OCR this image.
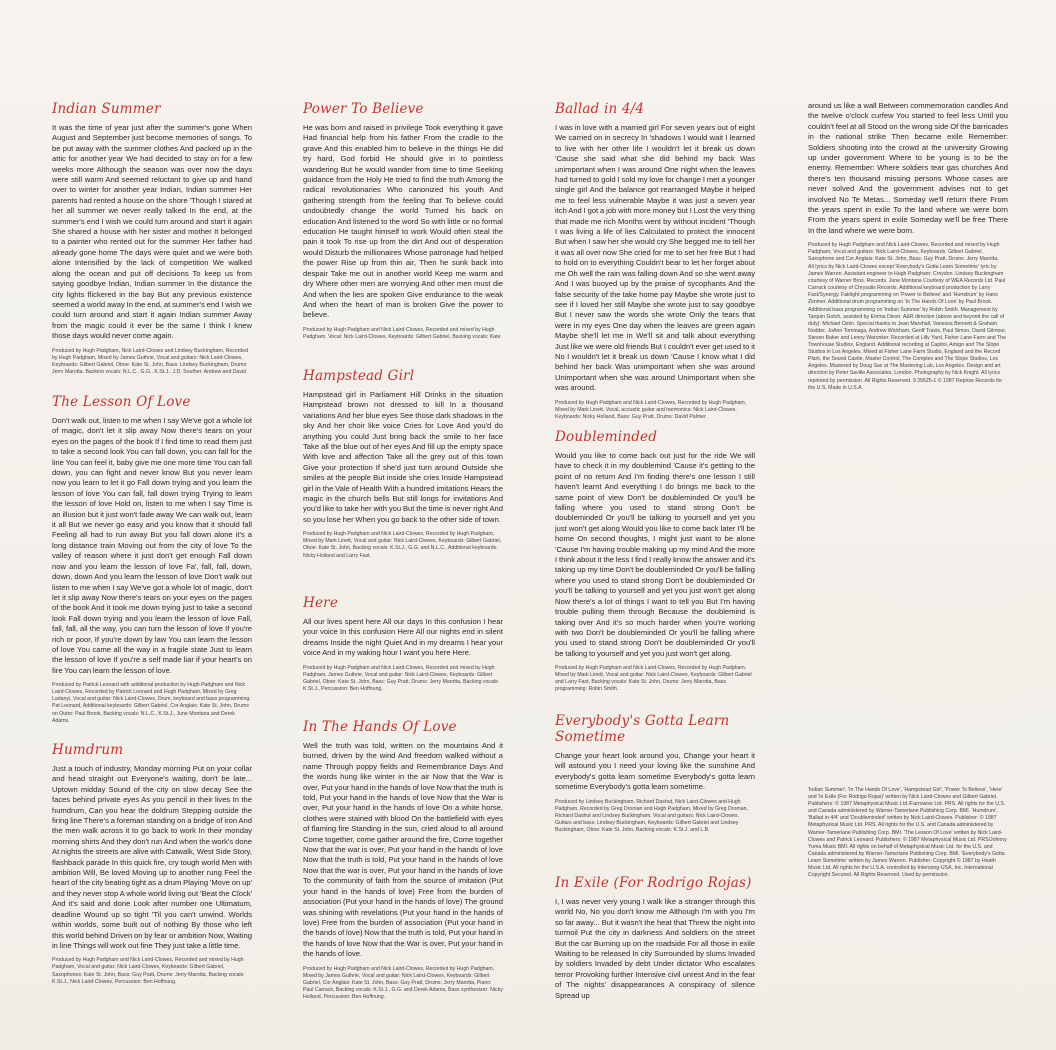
Indian Summer
It was the time of year just after the summer's gone When August and September just become memories of songs. To be put away with the summer clothes And packed up in the attic for another year We had decided to stay on for a few weeks more Although the season was over now the days were still warm And seemed reluctant to give up and hand over to winter for another year Indian, Indian summer Her parents had rented a house on the shore 'Though I stared at her all summer we never really talked In the end, at the summer's end I wish we could turn around and start it again She shared a house with her sister and mother It belonged to a painter who rented out for the summer Her father had already gone home The days were quiet and we were both alone Intensified by the lack of competition We walked along the ocean and put off decisions To keep us from saying goodbye Indian, Indian summer In the distance the city lights flickered in the bay But any previous existence seemed a world away In the end, at summer's end I wish we could turn around and start it again Indian summer Away from the magic could it ever be the same I think I knew those days would never come again.
Produced by Hugh Padgham, Nick Laird-Clowes and Lindsey Buckingham, Recorded by Hugh Padgham, Mixed by James Guthrie, Vocal and guitars: Nick Laird-Clowes, Keyboards: Gilbert Gabriel, Oboe: Kate St. John, Bass: Lindsey Buckingham, Drums: Jerry Marotta, Backing vocals: N.L.C., G.G., K.St.J., J.D. Souther, Andrew and David
The Lesson Of Love
Don't walk out, listen to me when I say We've got a whole lot of magic, don't let it slip away Now there's tears on your eyes on the pages of the book If I find time to read them just to take a second look You can fall down, you can fall for the line You can feel it, baby give me one more time You can fall down, you can fight and never know But you never learn now you learn to let it go Fall down trying and you learn the lesson of love You can fall, fall down trying Trying to learn the lesson of love Hold on, listen to me when I say Time is an illusion but it just won't fade away We can walk out, learn it all But we never go easy and you know that it should fall Feeling all had to run away But you fall down alone it's a long distance train Moving out from the city of love To the valley of reason where it just don't get enough Fall down now and you learn the lesson of love Fa', fall, fall, down, down, down And you learn the lesson of love Don't walk out listen to me when I say We've got a whole lot of magic, don't let it slip away Now there's tears on your eyes on the pages of the book And it took me down trying just to take a second look Fall down trying and you learn the lesson of love Fall, fall, fall, all the way, you can turn the lesson of love If you're rich or poor, If you're down by law You can learn the lesson of love You came all the way in a fragile state Just to learn the lesson of love If you're a self made liar if your heart's on fire You can learn the lesson of love.
Produced by Patrick Leonard with additional production by Hugh Padgham and Nick Laird-Clowes, Recorded by Patrick Leonard and Hugh Padgham, Mixed by Greg Ladanyi, Vocal and guitar: Nick Laird-Clowes, Drum, keyboard and bass programming: Pat Leonard, Additional keyboards: Gilbert Gabriel, Cor Anglais: Kate St. John, Drums on Outro: Paul Brook, Backing vocals: N.L.C., K.St.J., June Montana and Derek Adams.
Humdrum
Just a touch of industry, Monday morning Put on your collar and head straight out Everyone's waiting, don't be late... Uptown midday Sound of the city on slow decay See the faces behind private eyes As you pencil in their lives In the humdrum, Can you hear the doldrum Stepping outside the firing line There's a foreman standing on a bridge of iron And the men walk across it to go back to work In their monday morning shirts And they don't run And when the work's done At nights the streets are alive with Catwalk, West Side Story, flashback parade In this quick fire, cry tough world Men with ambition Will, Be loved Moving up to another rung Feel the heart of the city beating tight as a drum Playing 'Move on up' and they never stop A whole world living out 'Beat the Clock' And it's said and done Look after number one Ultimatum, deadline Wound up so tight 'Til you can't unwind. Worlds within worlds, some built out of nothing By those who left this world behind Driven on by fear or ambition Now, Waiting in line Things will work out fine They just take a little time.
Produced by Hugh Padgham and Nick Laird-Clowes, Recorded and mixed by Hugh Padgham, Vocal and guitar: Nick Laird-Clowes, Keyboards: Gilbert Gabriel, Saxophones: Kate St. John, Bass: Guy Pratt, Drums: Jerry Marotta, Backing vocals: K.St.J., Nick Laird-Clowes, Percussion: Ben Hoffnung.
Power To Believe
He was born and raised in privilege Took everything it gave Had financial help from his father From the cradle to the grave And this enabled him to believe in the things He did try hard, God forbid He should give in to pointless wandering But he would wander from time to time Seeking guidance from the Holy He tried to find the truth Among the radical revolutionaries Who canonized his youth And gathering strength from the feeling that To believe could undoubtedly change the world Turned his back on education And listened to the word So with little or no formal education He taught himself to work Would often steal the pain it took To rise up from the dirt And out of desperation would Disturb the millionaires Whose patronage had helped the power Rise up from thin air, Then he sunk back into despair Take me out in another world Keep me warm and dry Where other men are worrying And other men must die And when the lies are spoken Give endurance to the weak And when the heart of man is broken Give the power to believe.
Produced by Hugh Padgham and Nick Laird-Clowes, Recorded and mixed by Hugh Padgham, Vocal: Nick Laird-Clowes, Keyboards: Gilbert Gabriel, Backing vocals: Kate
Hampstead Girl
Hampstead girl in Parliament Hill Drinks in the situation Hampstead brown not dressed to kill In a thousand variations And her blue eyes See those dark shadows in the sky And her choir like voice Cries for Love And you'd do anything you could Just bring back the smile to her face Take all the blue out of her eyes And fill up the empty space With love and affection Take all the grey out of this town Give your protection If she'd just turn around Outside she smiles at the people But inside she cries Inside Hampstead girl in the Vale of Health With a hundred imitations Hears the magic in the church bells But still longs for invitations And you'd like to take her with you But the time is never right And so you lose her When you go back to the other side of town.
Produced by Hugh Padgham and Nick Laird-Clowes, Recorded by Hugh Padgham, Mixed by Mark Linett, Vocal and guitar: Nick Laird-Clowes, Keyboards: Gilbert Gabriel, Oboe: Kate St. John, Backing vocals: K.St.J., G.G. and N.L.C., Additional keyboards: Nicky Holland and Larry Fast.
Here
All our lives spent here All our days In this confusion I hear your voice In this confusion Here All our nights end in silent dreams Inside the night Quiet And in my dreams I hear your voice And in my waking hour I want you here Here.
Produced by Hugh Padgham and Nick Laird-Clowes, Recorded and mixed by Hugh Padgham, James Guthrie, Vocal and guitar: Nick Laird-Clowes, Keyboards: Gilbert Gabriel, Oboe: Kate St. John, Bass: Guy Pratt, Drums: Jerry Marotta, Backing vocals: K.St.J., Percussion: Ben Hoffnung.
In The Hands Of Love
Well the truth was told, written on the mountains And it burned, driven by the wind And freedom walked without a name Through poppy fields and Remembrance Days And the words hung like winter in the air Now that the War is over, Put your hand in the hands of love Now that the truth is told, Put your hand in the hands of love Now that the War is over, Put your hand in the hands of love On a white horse, clothes were stained with blood On the battlefield with eyes of flaming fire Standing in the sun, cried aloud to all around Come together, come gather around the fire, Come together Now that the war is over, Put your hand in the hands of love Now that the truth is told, Put your hand in the hands of love Now that the war is over, Put your hand in the hands of love To the community of faith from the source of imitation (Put your hand in the hands of love) Free from the burden of association (Put your hand in the hands of love) The ground was shining with revelations (Put your hand in the hands of love) Free from the burden of association (Put your hand in the hands of love) Now that the truth is told, Put your hand in the hands of love Now that the War is over, Put your hand in the hands of love.
Produced by Hugh Padgham and Nick Laird-Clowes, Recorded by Hugh Padgham, Mixed by James Guthrie, Vocal and guitar: Nick Laird-Clowes, Keyboards: Gilbert Gabriel, Cor Anglais: Kate St. John, Bass: Guy Pratt, Drums: Jerry Marotta, Piano: Paul Carrack, Backing vocals: K.St.J., G.G. and Derek Adams, Bass synthesizer: Nicky Holland, Percussion: Ben Hoffnung.
Ballad in 4/4
I was in love with a married girl For seven years out of eight We carried on in secrecy In 'shadows I would wait I learned to live with her other life I wouldn't let it break us down 'Cause she said what she did behind my back Was unimportant when I was around One night when the leaves had turned to gold I sold my love for change I met a younger single girl And the balance got rearranged Maybe it helped me to feel less vulnerable Maybe it was just a seven year itch And I got a job with more money but I Lost the very thing that made me rich Months went by without incident 'Though I was living a life of lies Calculated to protect the innocent But when I saw her she would cry She begged me to tell her it was all over now She cried for me to set her free But I had to hold on to everything Couldn't bear to let her forget about me Oh well the rain was falling down And so she went away And I was buoyed up by the praise of sycophants And the false security of the take home pay Maybe she wrote just to see if I loved her still Maybe she wrote just to say goodbye But I never saw the words she wrote Only the tears that were in my eyes One day when the leaves are green again Maybe she'll let me in We'll sit and talk about everything Just like we were old friends But I couldn't ever get used to it No I wouldn't let it break us down 'Cause I know what I did behind her back Was unimportant when she was around Unimportant when she was around Unimportant when she was around.
Produced by Hugh Padgham and Nick Laird-Clowes, Recorded by Hugh Padgham, Mixed by Mark Linett, Vocal, acoustic guitar and harmonica: Nick Laird-Clowes, Keyboards: Nicky Holland, Bass: Guy Pratt, Drums: David Palmer.
Doubleminded
Would you like to come back out just for the ride We will have to check it in my doublemind 'Cause it's getting to the point of no return And I'm finding there's one lesson I still haven't learnt And everything I do brings me back to the same point of view Don't be doubleminded Or you'll be falling where you used to stand strong Don't be doubleminded Or you'll be talking to yourself and yet you just won't get along Would you like to come back later I'll be home On second thoughts, I might just want to be alone 'Cause I'm having trouble making up my mind And the more I think about it the less I find I really know the answer and it's taking up my time Don't be doubleminded Or you'll be falling where you used to stand strong Don't be doubleminded Or you'll be talking to yourself and yet you just won't get along Now there's a lot of things I want to tell you But I'm having trouble pulling them through Because the doublemind is taking over And it's so much harder when you're working with two Don't be doubleminded Or you'll be falling where you used to stand strong Don't be doubleminded Or you'll be talking to yourself and yet you just won't get along.
Produced by Hugh Padgham and Nick Laird-Clowes, Recorded by Hugh Padgham, Mixed by Mark Linett, Vocal and guitar: Nick Laird-Clowes, Keyboards: Gilbert Gabriel and Larry Fast, Backing vocals: Kate St. John, Drums: Jerry Marotta, Bass programming: Robin Smith.
Everybody's Gotta Learn Sometime
Change your heart look around you, Change your heart it will astound you I need your loving like the sunshine And everybody's gotta learn sometime Everybody's gotta learn sometime Everybody's gotta learn sometime.
Produced by Lindsey Buckingham, Richard Dashut, Nick Laird-Clowes and Hugh Padgham, Recorded by Greg Droman and Hugh Padgham, Mixed by Greg Droman, Richard Dashut and Lindsey Buckingham, Vocal and guitars: Nick Laird-Clowes, Guitars and bass: Lindsey Buckingham, Keyboards: Gilbert Gabriel and Lindsey Buckingham, Oboe: Kate St. John, Backing vocals: K.St.J. and L.B.
In Exile (For Rodrigo Rojas)
I, I was never very young I walk like a stranger through this world No, No you don't know me Although I'm with you I'm so far away... But it wasn't the heat that Threw the night into turmoil Put the city in darkness And soldiers on the street But the car Burning up on the roadside For all those in exile Waiting to be released In city Surrounded by slums Invaded by soldiers Invaded by debt Under dictator Who escalates terror Provoking further Intensive civil unrest And in the fear of The nights' disappearances A conspiracy of silence Spread up
around us like a wall Between commemoration candles And the twelve o'clock curfew You started to feel less Until you couldn't feel at all Stood on the wrong side Of the barricades in the national strike Then became exile Remember: Soldiers shooting into the crowd at the university Growing up under government Where to be young is to be the enemy. Remember: Where soldiers tear gas churches And there's ten thousand missing persons Whose cases are never solved And the government advises not to get involved No Te Metas... Someday we'll return there From the years spent in exile To the land where we were born From the years spent in exile Someday we'll be free There In the land where we were born.
Produced by Hugh Padgham and Nick Laird-Clowes, Recorded and mixed by Hugh Padgham, Vocal and guitars: Nick Laird-Clowes, Keyboards: Gilbert Gabriel, Saxophone and Cor Anglais: Kate St. John, Bass: Guy Pratt, Drums: Jerry Marotta,
All lyrics by Nick Laird-Clowes except 'Everybody's Gotta Learn Sometime' lyric by James Warren. Assistant engineer to Hugh Padgham: Croydon. Lindsey Buckingham courtesy of Warner Bros. Records. June Montana Courtesy of WEA Records Ltd. Paul Carrack courtesy of Chrysalis Records. Additional keyboard production by Larry Fast/Synergy. Fairlight programming on 'Power to Believe' and 'Humdrum' by Hans Zimmer. Additional drum programming on 'In The Hands Of Love' by Paul Brook. Additional bass programming on 'Indian Summer' by Robin Smith. Management by Tarquin Gotch, assisted by Emma Dixon. A&R direction (above and beyond the call of duty): Michael Ostin. Special thanks to Jean Marshall, Vanessa Bennett & Graham Nodder, JoAnn Tominaga, Andrew Wickham, Geoff Travis, Paul Simon, David Gilmour, Steven Baker and Lenny Waronker. Recorded at Lilly Yard, Fisher Lane Farm and The Townhouse Studios, England. Additional recording at Capitol, Amigo and The Slope Studios in Los Angeles. Mixed at Fisher Lane Farm Studio, England and the Record Plant, the Sound Castle, Master Control, The Complex and The Slope Studios, Los Angeles. Mastered by Doug Sax at The Mastering Lab, Los Angeles. Design and art direction by Peter Saville Associates, London. Photography by Nick Knight. All lyrics reprinted by permission. All Rights Reserved. 9 25625-1 © 1987 Reprise Records for the U.S. Made in U.S.A.
'Indian Summer', 'In The Hands Of Love', 'Hampstead Girl', 'Power To Believe', 'Here' and 'In Exile (For Rodrigo Rojas)' written by Nick Laird-Clowes and Gilbert Gabriel. Publishers: © 1987 Metaphysical Music Ltd./Farrowise Ltd. PRS. All rights for the U.S. and Canada administered by Warner-Tamerlane Publishing Corp. BMI. 'Humdrum', 'Ballad in 4/4' and 'Doubleminded' written by Nick Laird-Clowes. Publisher: © 1987 Metaphysical Music Ltd. PRS. All rights for the U.S. and Canada administered by Warner-Tamerlane Publishing Corp. BMI. 'The Lesson Of Love' written by Nick Laird-Clowes and Patrick Leonard. Publishers: © 1987 Metaphysical Music Ltd. PRS/Johnny Yuma Music BMI. All rights on behalf of Metaphysical Music Ltd. for the U.S. and Canada administered by Warner-Tamerlane Publishing Corp. BMI. 'Everybody's Gotta Learn Sometime' written by James Warren. Publisher: Copyright © 1987 by Heath Music Ltd. All rights for the U.S.A. controlled by Intersong-USA, Inc. International Copyright Secured. All Rights Reserved. Used by permission.
